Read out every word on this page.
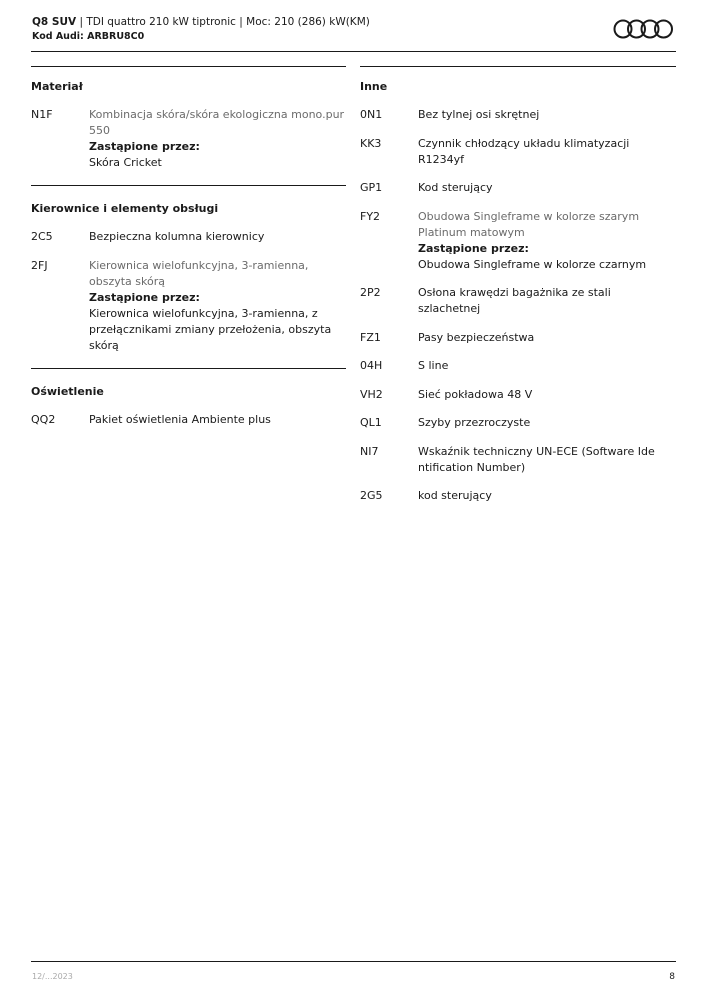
Q8 SUV | TDI quattro 210 kW tiptronic | Moc: 210 (286) kW(KM)
Kod Audi: ARBRU8C0
Materiał
N1F	Kombinacja skóra/skóra ekologiczna mono.pur 550
Zastąpione przez:
Skóra Cricket
Kierownice i elementy obsługi
2C5	Bezpieczna kolumna kierownicy
2FJ	Kierownica wielofunkcyjna, 3-ramienna, obszyta skórą
Zastąpione przez:
Kierownica wielofunkcyjna, 3-ramienna, z przełącznikami zmiany przełożenia, obszyta skórą
Oświetlenie
QQ2	Pakiet oświetlenia Ambiente plus
Inne
0N1	Bez tylnej osi skrętnej
KK3	Czynnik chłodzący układu klimatyzacji R1234yf
GP1	Kod sterujący
FY2	Obudowa Singleframe w kolorze szarym Platinum matowym
Zastąpione przez:
Obudowa Singleframe w kolorze czarnym
2P2	Osłona krawędzi bagażnika ze stali szlachetnej
FZ1	Pasy bezpieczeństwa
04H	S line
VH2	Sieć pokładowa 48 V
QL1	Szyby przezroczyste
NI7	Wskaźnik techniczny UN-ECE (Software Ide ntification Number)
2G5	kod sterujący
12/...2023	8
